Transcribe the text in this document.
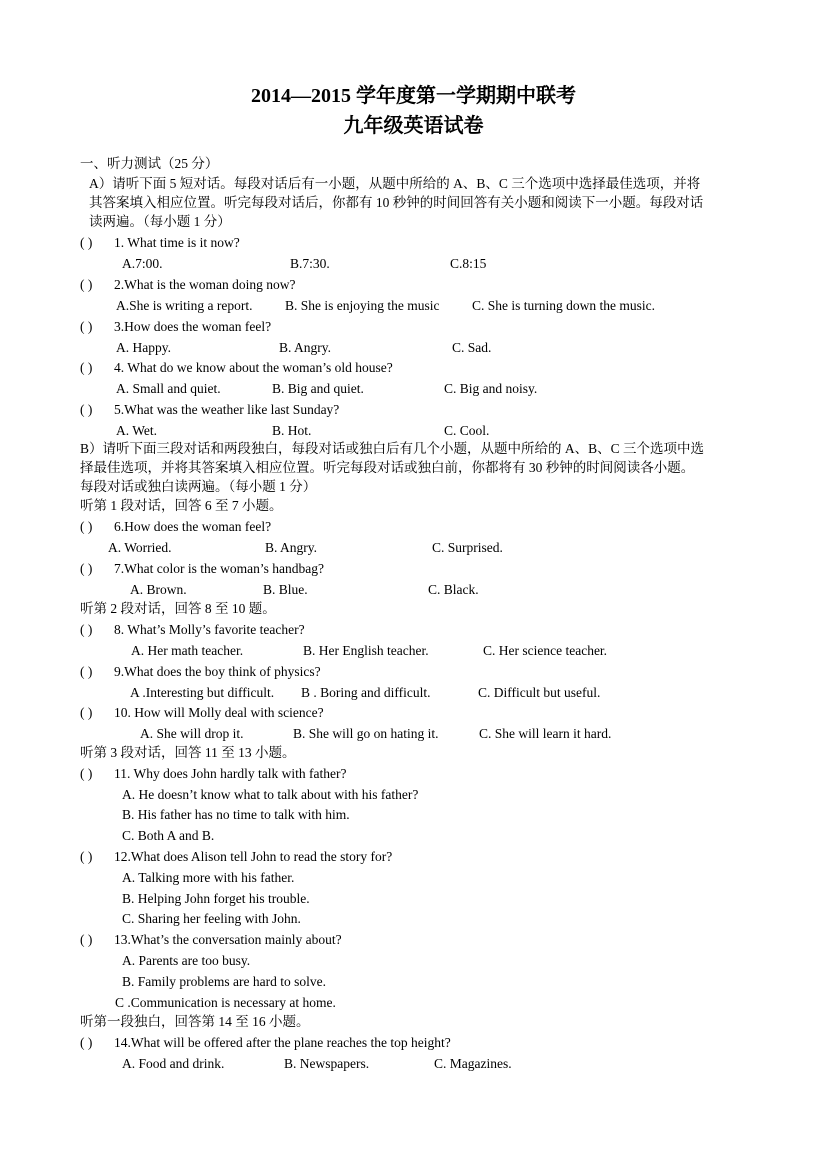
2014—2015 学年度第一学期期中联考
九年级英语试卷
一、听力测试（25 分）
A）请听下面 5 短对话。每段对话后有一小题，从题中所给的 A、B、C 三个选项中选择最佳选项，并将
其答案填入相应位置。听完每段对话后，你都有 10 秒钟的时间回答有关小题和阅读下一小题。每段对话
读两遍。（每小题 1 分）
( ) 1. What time is it now?
A.7:00.	B.7:30.	C.8:15
( ) 2.What is the woman doing now?
A.She is writing a report. B. She is enjoying the music C. She is turning down the music.
( ) 3.How does the woman feel?
A. Happy.	B. Angry.	C. Sad.
( ) 4. What do we know about the woman’s old house?
A. Small and quiet.	B. Big and quiet.	C. Big and noisy.
( ) 5.What was the weather like last Sunday?
A. Wet.	B. Hot.	C. Cool.
B）请听下面三段对话和两段独白，每段对话或独白后有几个小题，从题中所给的 A、B、C 三个选项中选
择最佳选项，并将其答案填入相应位置。听完每段对话或独白前，你都将有 30 秒钟的时间阅读各小题。
每段对话或独白读两遍。（每小题 1 分）
听第 1 段对话，回答 6 至 7 小题。
( ) 6.How does the woman feel?
A. Worried.	B. Angry.	C. Surprised.
( ) 7.What color is the woman’s handbag?
A. Brown.	B. Blue.	C. Black.
听第 2 段对话，回答 8 至 10 题。
( ) 8. What’s Molly’s favorite teacher?
A. Her math teacher.	B. Her English teacher.	C. Her science teacher.
( ) 9.What does the boy think of physics?
A .Interesting but difficult. B . Boring and difficult.	C. Difficult but useful.
( ) 10. How will Molly deal with science?
A. She will drop it.	B. She will go on hating it.	C. She will learn it hard.
听第 3 段对话，回答 11 至 13 小题。
( ) 11. Why does John hardly talk with father?
A. He doesn’t know what to talk about with his father?
B. His father has no time to talk with him.
C. Both A and B.
( ) 12.What does Alison tell John to read the story for?
A. Talking more with his father.
B. Helping John forget his trouble.
C. Sharing her feeling with John.
( ) 13.What’s the conversation mainly about?
A. Parents are too busy.
B. Family problems are hard to solve.
C .Communication is necessary at home.
听第一段独白，回答第 14 至 16 小题。
( ) 14.What will be offered after the plane reaches the top height?
A. Food and drink.	B. Newspapers.	C. Magazines.
